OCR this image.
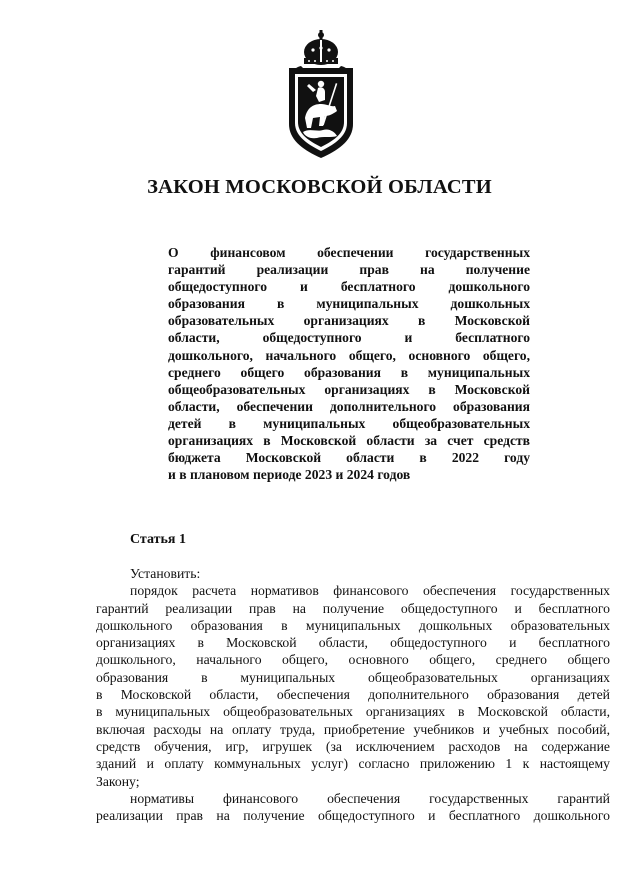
ЗАКОН МОСКОВСКОЙ ОБЛАСТИ
О финансовом обеспечении государственных
гарантий реализации прав на получение
общедоступного и бесплатного дошкольного
образования в муниципальных дошкольных
образовательных организациях в Московской
области, общедоступного и бесплатного
дошкольного, начального общего, основного общего,
среднего общего образования в муниципальных
общеобразовательных организациях в Московской
области, обеспечении дополнительного образования
детей в муниципальных общеобразовательных
организациях в Московской области за счет средств
бюджета Московской области в 2022 году
и в плановом периоде 2023 и 2024 годов
Статья 1
Установить:
порядок расчета нормативов финансового обеспечения государственных
гарантий реализации прав на получение общедоступного и бесплатного
дошкольного образования в муниципальных дошкольных образовательных
организациях в Московской области, общедоступного и бесплатного
дошкольного, начального общего, основного общего, среднего общего
образования в муниципальных общеобразовательных организациях
в Московской области, обеспечения дополнительного образования детей
в муниципальных общеобразовательных организациях в Московской области,
включая расходы на оплату труда, приобретение учебников и учебных пособий,
средств обучения, игр, игрушек (за исключением расходов на содержание
зданий и оплату коммунальных услуг) согласно приложению 1 к настоящему
Закону;
нормативы финансового обеспечения государственных гарантий
реализации прав на получение общедоступного и бесплатного дошкольного
